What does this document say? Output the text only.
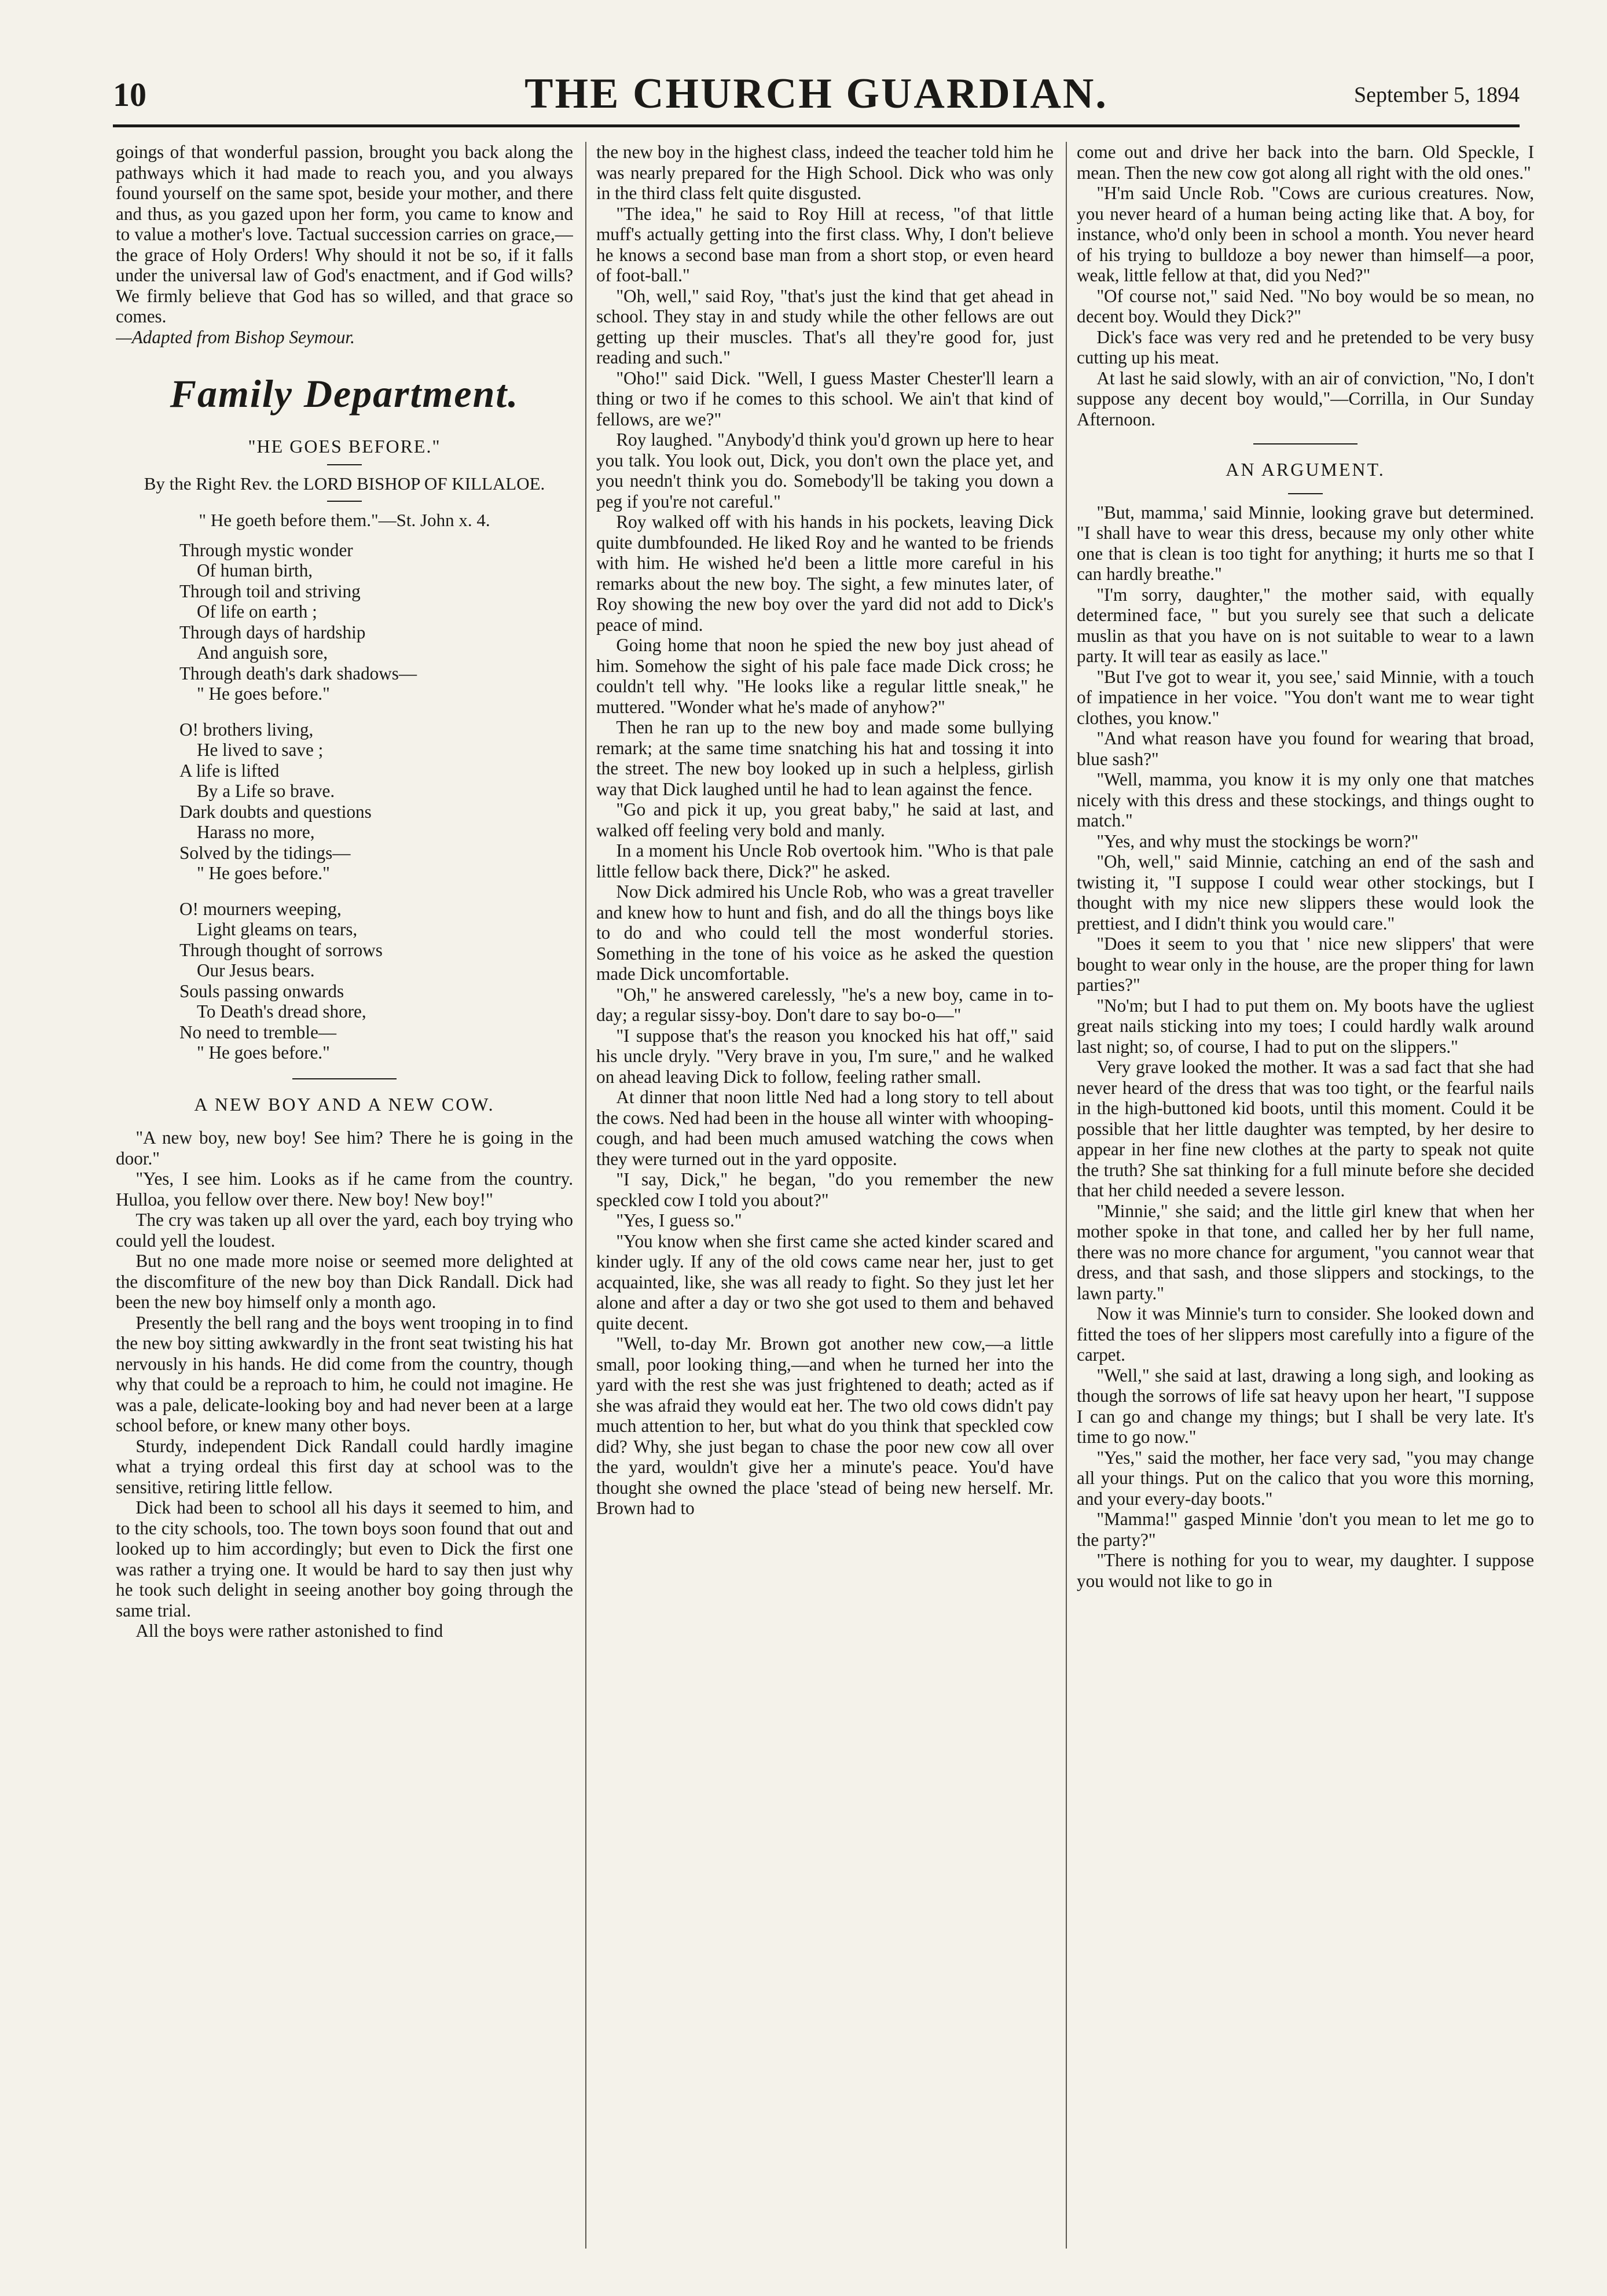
10	THE CHURCH GUARDIAN.	September 5, 1894

goings of that wonderful passion, brought you back along the pathways which it had made to reach you, and you always found yourself on the same spot, beside your mother, and there and thus, as you gazed upon her form, you came to know and to value a mother's love. Tactual succession carries on grace,—the grace of Holy Orders! Why should it not be so, if it falls under the universal law of God's enactment, and if God wills? We firmly believe that God has so willed, and that grace so comes.

—Adapted from Bishop Seymour.

Family Department.
"HE GOES BEFORE."
By the Right Rev. the LORD BISHOP OF KILLALOE.
" He goeth before them."—St. John x. 4.
Through mystic wonder
Of human birth,
Through toil and striving
Of life on earth ;
Through days of hardship
And anguish sore,
Through death's dark shadows—
" He goes before."
O! brothers living,
He lived to save ;
A life is lifted
By a Life so brave.
Dark doubts and questions
Harass no more,
Solved by the tidings—
" He goes before."
O! mourners weeping,
Light gleams on tears,
Through thought of sorrows
Our Jesus bears.
Souls passing onwards
To Death's dread shore,
No need to tremble—
" He goes before."
A NEW BOY AND A NEW COW.

"A new boy, new boy! See him? There he is going in the door."

"Yes, I see him. Looks as if he came from the country. Hulloa, you fellow over there. New boy! New boy!"

The cry was taken up all over the yard, each boy trying who could yell the loudest.

But no one made more noise or seemed more delighted at the discomfiture of the new boy than Dick Randall. Dick had been the new boy himself only a month ago.

Presently the bell rang and the boys went trooping in to find the new boy sitting awkwardly in the front seat twisting his hat nervously in his hands. He did come from the country, though why that could be a reproach to him, he could not imagine. He was a pale, delicate-looking boy and had never been at a large school before, or knew many other boys.

Sturdy, independent Dick Randall could hardly imagine what a trying ordeal this first day at school was to the sensitive, retiring little fellow.

Dick had been to school all his days it seemed to him, and to the city schools, too. The town boys soon found that out and looked up to him accordingly; but even to Dick the first one was rather a trying one. It would be hard to say then just why he took such delight in seeing another boy going through the same trial.

All the boys were rather astonished to find

the new boy in the highest class, indeed the teacher told him he was nearly prepared for the High School. Dick who was only in the third class felt quite disgusted.

"The idea," he said to Roy Hill at recess, "of that little muff's actually getting into the first class. Why, I don't believe he knows a second base man from a short stop, or even heard of foot-ball."

"Oh, well," said Roy, "that's just the kind that get ahead in school. They stay in and study while the other fellows are out getting up their muscles. That's all they're good for, just reading and such."

"Oho!" said Dick. "Well, I guess Master Chester'll learn a thing or two if he comes to this school. We ain't that kind of fellows, are we?"

Roy laughed. "Anybody'd think you'd grown up here to hear you talk. You look out, Dick, you don't own the place yet, and you needn't think you do. Somebody'll be taking you down a peg if you're not careful."

Roy walked off with his hands in his pockets, leaving Dick quite dumbfounded. He liked Roy and he wanted to be friends with him. He wished he'd been a little more careful in his remarks about the new boy. The sight, a few minutes later, of Roy showing the new boy over the yard did not add to Dick's peace of mind.

Going home that noon he spied the new boy just ahead of him. Somehow the sight of his pale face made Dick cross; he couldn't tell why. "He looks like a regular little sneak," he muttered. "Wonder what he's made of anyhow?"

Then he ran up to the new boy and made some bullying remark; at the same time snatching his hat and tossing it into the street. The new boy looked up in such a helpless, girlish way that Dick laughed until he had to lean against the fence.

"Go and pick it up, you great baby," he said at last, and walked off feeling very bold and manly.

In a moment his Uncle Rob overtook him. "Who is that pale little fellow back there, Dick?" he asked.

Now Dick admired his Uncle Rob, who was a great traveller and knew how to hunt and fish, and do all the things boys like to do and who could tell the most wonderful stories. Something in the tone of his voice as he asked the question made Dick uncomfortable.

"Oh," he answered carelessly, "he's a new boy, came in to-day; a regular sissy-boy. Don't dare to say bo-o—"

"I suppose that's the reason you knocked his hat off," said his uncle dryly. "Very brave in you, I'm sure," and he walked on ahead leaving Dick to follow, feeling rather small.

At dinner that noon little Ned had a long story to tell about the cows. Ned had been in the house all winter with whooping-cough, and had been much amused watching the cows when they were turned out in the yard opposite.

"I say, Dick," he began, "do you remember the new speckled cow I told you about?"

"Yes, I guess so."

"You know when she first came she acted kinder scared and kinder ugly. If any of the old cows came near her, just to get acquainted, like, she was all ready to fight. So they just let her alone and after a day or two she got used to them and behaved quite decent.

"Well, to-day Mr. Brown got another new cow,—a little small, poor looking thing,—and when he turned her into the yard with the rest she was just frightened to death; acted as if she was afraid they would eat her. The two old cows didn't pay much attention to her, but what do you think that speckled cow did? Why, she just began to chase the poor new cow all over the yard, wouldn't give her a minute's peace. You'd have thought she owned the place 'stead of being new herself. Mr. Brown had to

come out and drive her back into the barn. Old Speckle, I mean. Then the new cow got along all right with the old ones."

"H'm said Uncle Rob. "Cows are curious creatures. Now, you never heard of a human being acting like that. A boy, for instance, who'd only been in school a month. You never heard of his trying to bulldoze a boy newer than himself—a poor, weak, little fellow at that, did you Ned?"

"Of course not," said Ned. "No boy would be so mean, no decent boy. Would they Dick?"

Dick's face was very red and he pretended to be very busy cutting up his meat.

At last he said slowly, with an air of conviction, "No, I don't suppose any decent boy would,"—Corrilla, in Our Sunday Afternoon.

AN ARGUMENT.

"But, mamma,' said Minnie, looking grave but determined. "I shall have to wear this dress, because my only other white one that is clean is too tight for anything; it hurts me so that I can hardly breathe."

"I'm sorry, daughter," the mother said, with equally determined face, " but you surely see that such a delicate muslin as that you have on is not suitable to wear to a lawn party. It will tear as easily as lace."

"But I've got to wear it, you see,' said Minnie, with a touch of impatience in her voice. "You don't want me to wear tight clothes, you know."

"And what reason have you found for wearing that broad, blue sash?"

"Well, mamma, you know it is my only one that matches nicely with this dress and these stockings, and things ought to match."

"Yes, and why must the stockings be worn?"

"Oh, well," said Minnie, catching an end of the sash and twisting it, "I suppose I could wear other stockings, but I thought with my nice new slippers these would look the prettiest, and I didn't think you would care."

"Does it seem to you that ' nice new slippers' that were bought to wear only in the house, are the proper thing for lawn parties?"

"No'm; but I had to put them on. My boots have the ugliest great nails sticking into my toes; I could hardly walk around last night; so, of course, I had to put on the slippers."

Very grave looked the mother. It was a sad fact that she had never heard of the dress that was too tight, or the fearful nails in the high-buttoned kid boots, until this moment. Could it be possible that her little daughter was tempted, by her desire to appear in her fine new clothes at the party to speak not quite the truth? She sat thinking for a full minute before she decided that her child needed a severe lesson.

"Minnie," she said; and the little girl knew that when her mother spoke in that tone, and called her by her full name, there was no more chance for argument, "you cannot wear that dress, and that sash, and those slippers and stockings, to the lawn party."

Now it was Minnie's turn to consider. She looked down and fitted the toes of her slippers most carefully into a figure of the carpet.

"Well," she said at last, drawing a long sigh, and looking as though the sorrows of life sat heavy upon her heart, "I suppose I can go and change my things; but I shall be very late. It's time to go now."

"Yes," said the mother, her face very sad, "you may change all your things. Put on the calico that you wore this morning, and your every-day boots."

"Mamma!" gasped Minnie 'don't you mean to let me go to the party?"

"There is nothing for you to wear, my daughter. I suppose you would not like to go in
